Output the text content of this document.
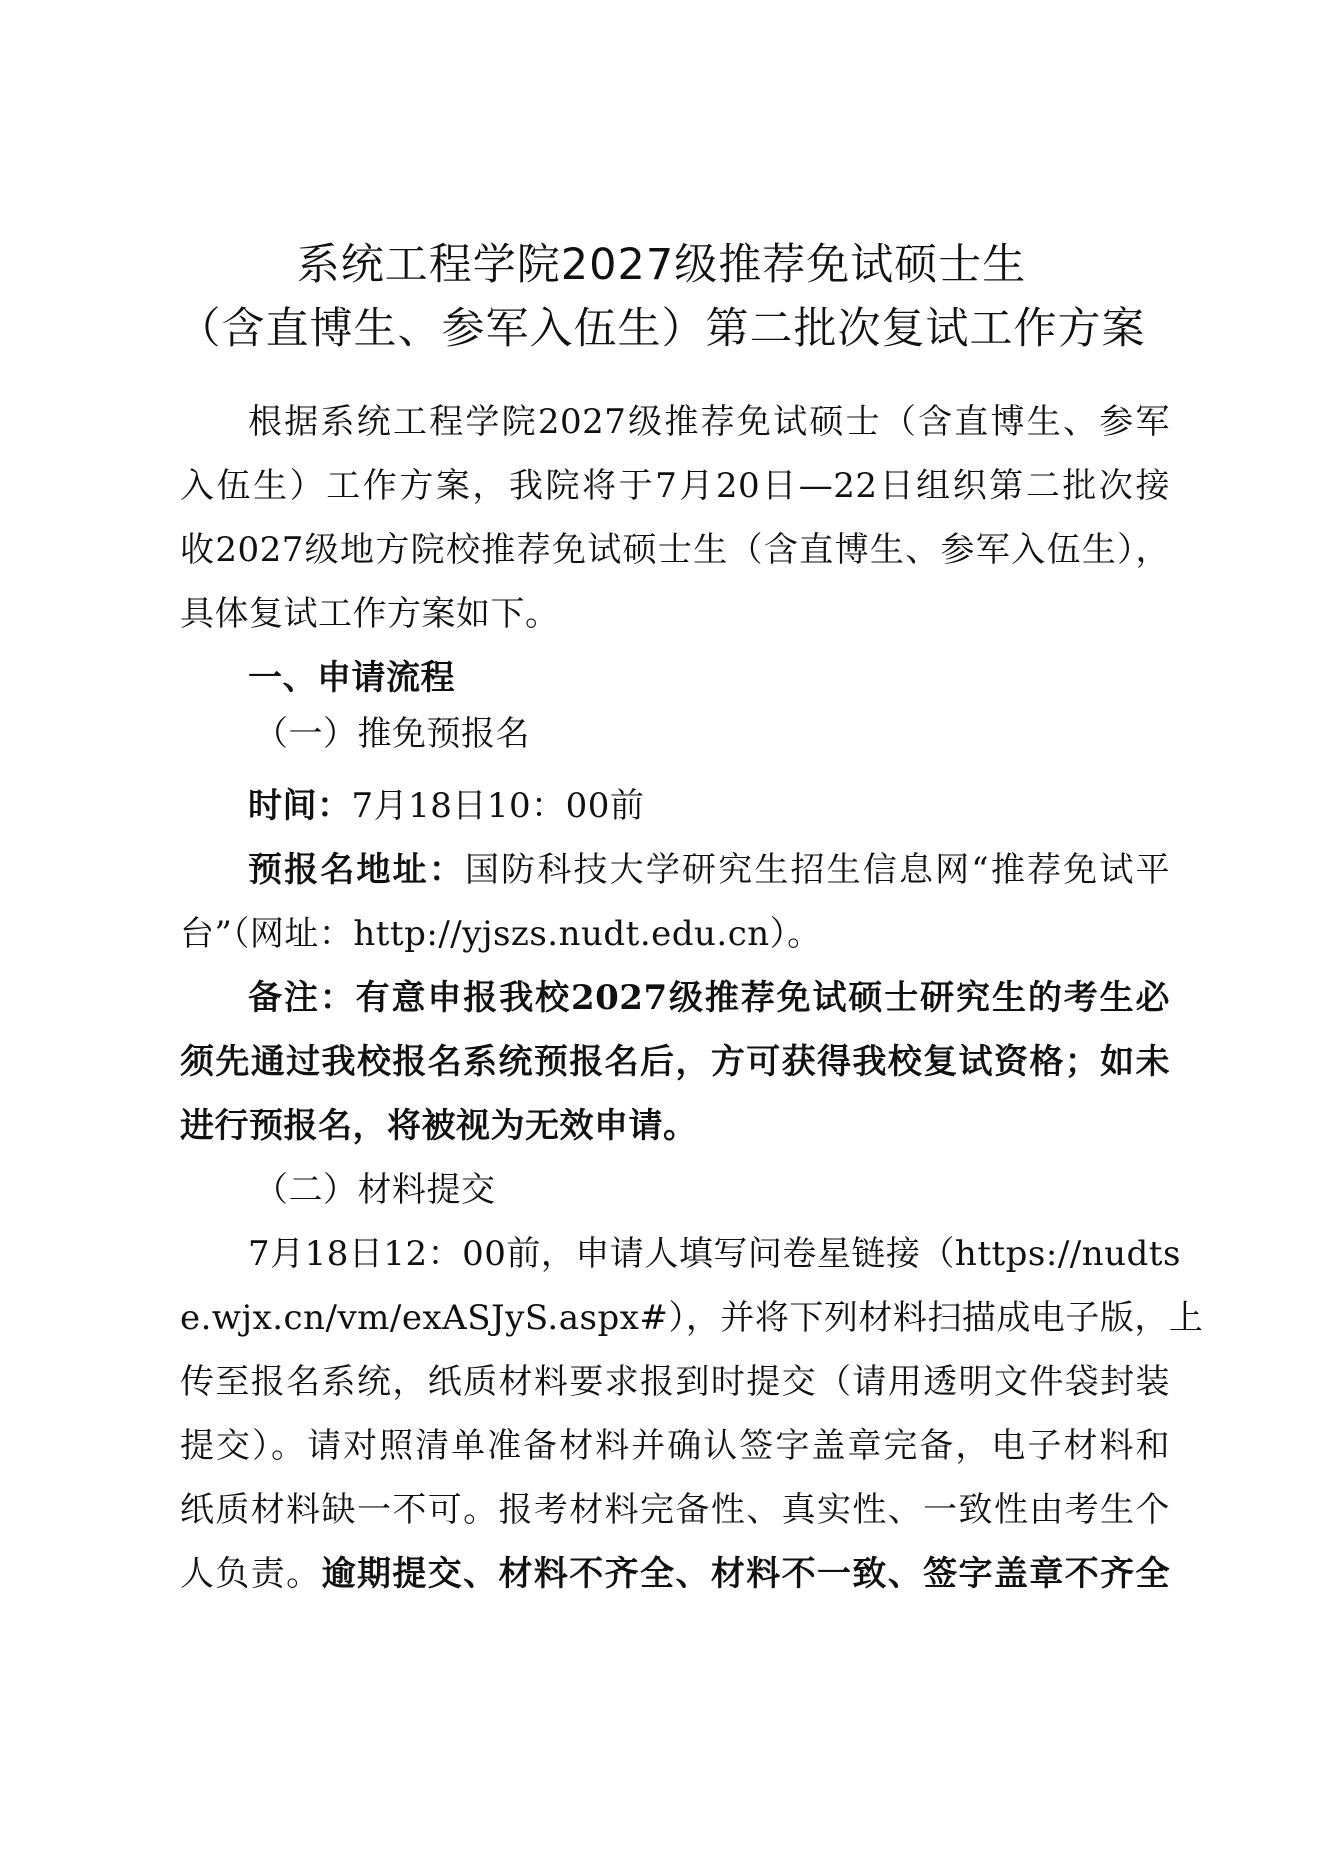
系统工程学院2027级推荐免试硕士生
（含直博生、参军入伍生）第二批次复试工作方案
根据系统工程学院2027级推荐免试硕士（含直博生、参军
入伍生）工作方案，我院将于7月20日—22日组织第二批次接
收2027级地方院校推荐免试硕士生（含直博生、参军入伍生），
具体复试工作方案如下。
一、申请流程
（一）推免预报名
时间：7月18日10：00前
预报名地址：国防科技大学研究生招生信息网“推荐免试平
台”（网址：http://yjszs.nudt.edu.cn）。
备注：有意申报我校2027级推荐免试硕士研究生的考生必
须先通过我校报名系统预报名后，方可获得我校复试资格；如未
进行预报名，将被视为无效申请。
（二）材料提交
7月18日12：00前，申请人填写问卷星链接（https://nudts
e.wjx.cn/vm/exASJyS.aspx#），并将下列材料扫描成电子版，上
传至报名系统，纸质材料要求报到时提交（请用透明文件袋封装
提交）。请对照清单准备材料并确认签字盖章完备，电子材料和
纸质材料缺一不可。报考材料完备性、真实性、一致性由考生个
人负责。逾期提交、材料不齐全、材料不一致、签字盖章不齐全
